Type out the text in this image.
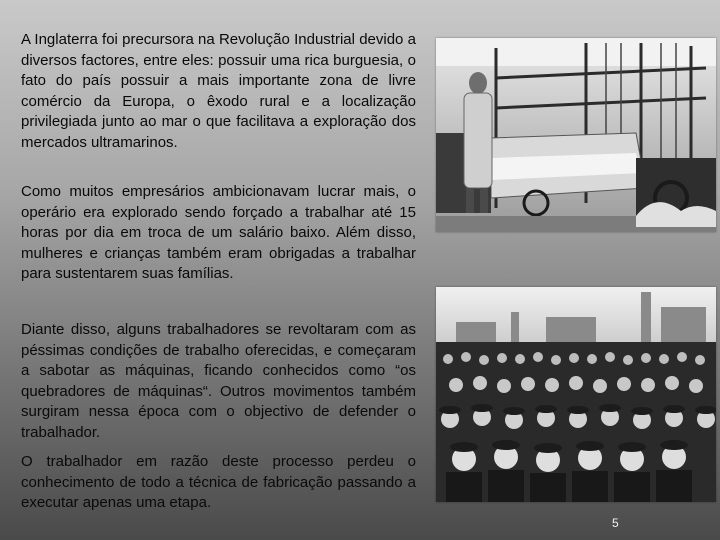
A Inglaterra foi precursora na Revolução Industrial devido a diversos factores, entre eles: possuir uma rica burguesia, o fato do país possuir a mais importante zona de livre comércio da Europa, o êxodo rural e a localização privilegiada junto ao mar o que facilitava a exploração dos mercados ultramarinos.

Como muitos empresários ambicionavam lucrar mais, o operário era explorado sendo forçado a trabalhar até 15 horas por dia em troca de um salário baixo. Além disso, mulheres e crianças também eram obrigadas a trabalhar para sustentarem suas famílias.

Diante disso, alguns trabalhadores se revoltaram com as péssimas condições de trabalho oferecidas, e começaram a sabotar as máquinas, ficando conhecidos como “os quebradores de máquinas“. Outros movimentos também surgiram nessa época com o objectivo de defender o trabalhador.

O trabalhador em razão deste processo perdeu o conhecimento de todo a técnica de fabricação passando a executar apenas uma etapa.

5
